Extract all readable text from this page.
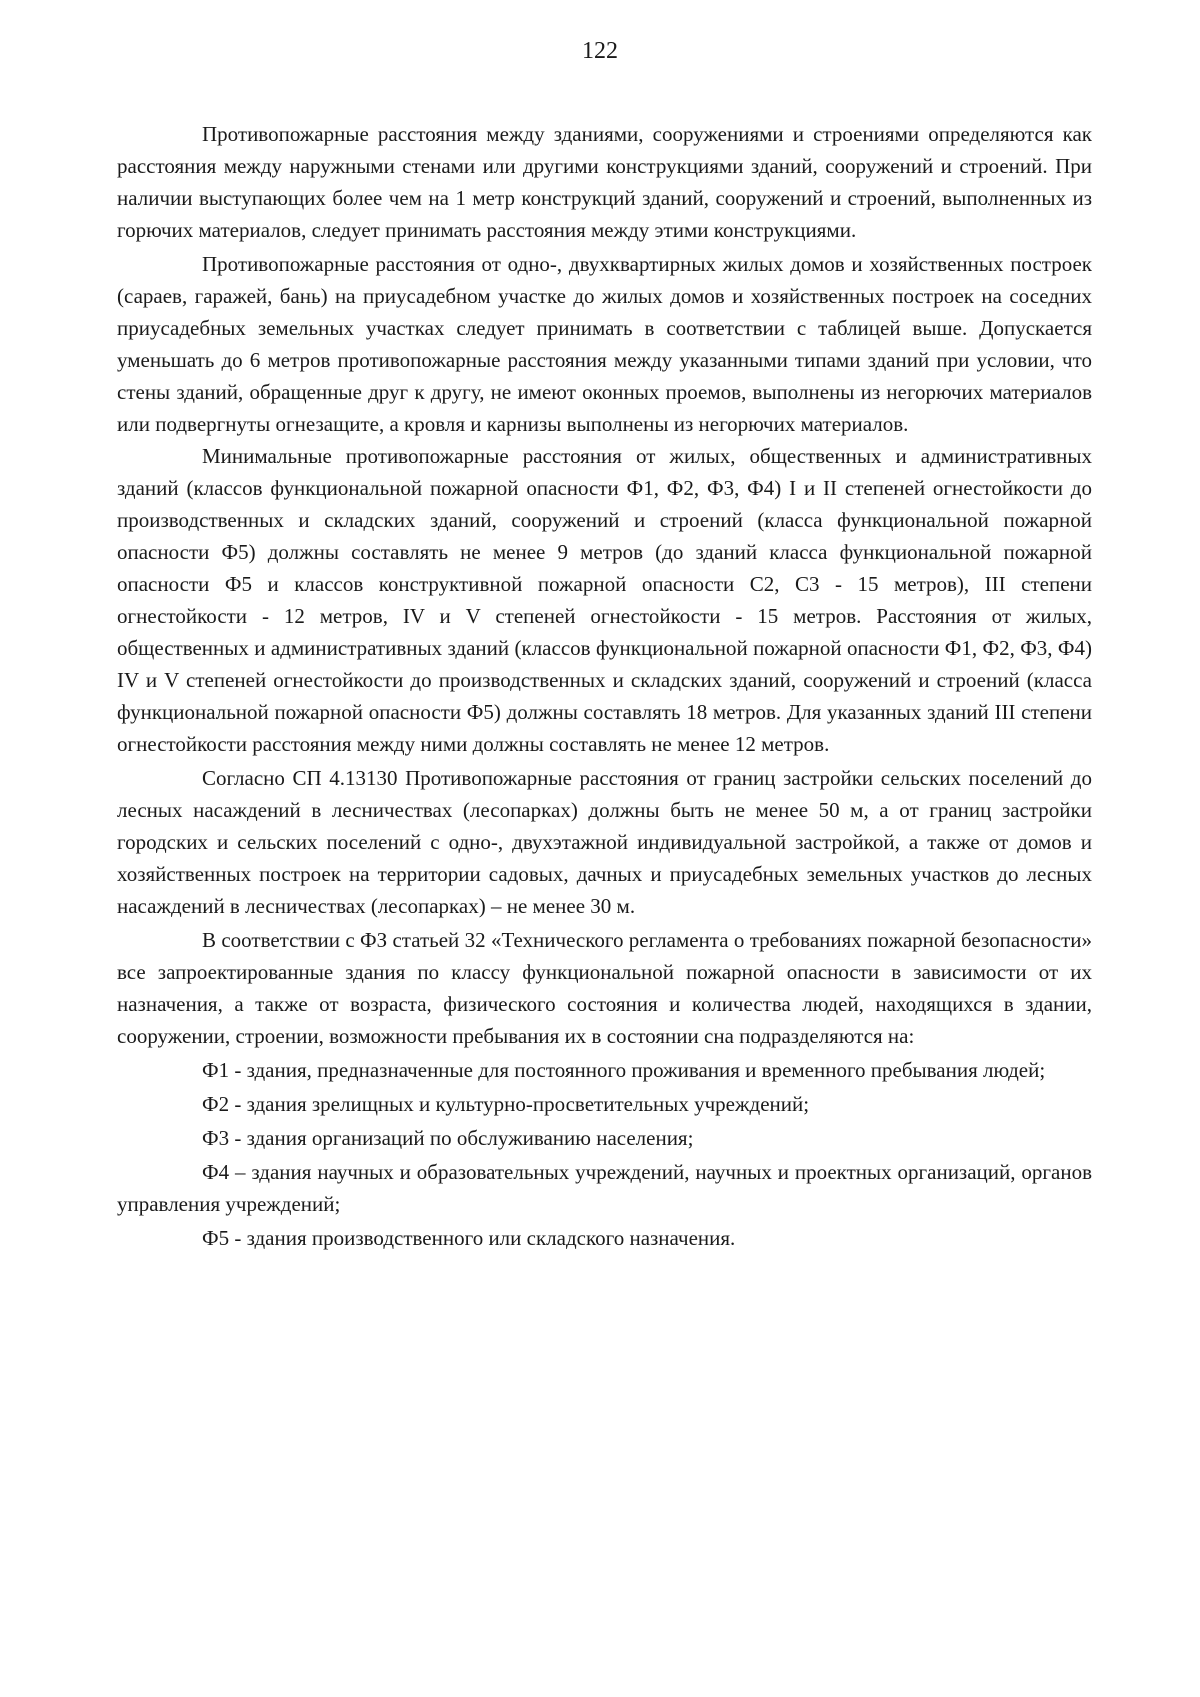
122

Противопожарные расстояния между зданиями, сооружениями и строениями определяются как расстояния между наружными стенами или другими конструкциями зданий, сооружений и строений. При наличии выступающих более чем на 1 метр конструкций зданий, сооружений и строений, выполненных из горючих материалов, следует принимать расстояния между этими конструкциями.

Противопожарные расстояния от одно-, двухквартирных жилых домов и хозяйственных построек (сараев, гаражей, бань) на приусадебном участке до жилых домов и хозяйственных построек на соседних приусадебных земельных участках следует принимать в соответствии с таблицей выше. Допускается уменьшать до 6 метров противопожарные расстояния между указанными типами зданий при условии, что стены зданий, обращенные друг к другу, не имеют оконных проемов, выполнены из негорючих материалов или подвергнуты огнезащите, а кровля и карнизы выполнены из негорючих материалов.

Минимальные противопожарные расстояния от жилых, общественных и административных зданий (классов функциональной пожарной опасности Ф1, Ф2, Ф3, Ф4) I и II степеней огнестойкости до производственных и складских зданий, сооружений и строений (класса функциональной пожарной опасности Ф5) должны составлять не менее 9 метров (до зданий класса функциональной пожарной опасности Ф5 и классов конструктивной пожарной опасности С2, С3 - 15 метров), III степени огнестойкости - 12 метров, IV и V степеней огнестойкости - 15 метров. Расстояния от жилых, общественных и административных зданий (классов функциональной пожарной опасности Ф1, Ф2, Ф3, Ф4) IV и V степеней огнестойкости до производственных и складских зданий, сооружений и строений (класса функциональной пожарной опасности Ф5) должны составлять 18 метров. Для указанных зданий III степени огнестойкости расстояния между ними должны составлять не менее 12 метров.

Согласно СП 4.13130 Противопожарные расстояния от границ застройки сельских поселений до лесных насаждений в лесничествах (лесопарках) должны быть не менее 50 м, а от границ застройки городских и сельских поселений с одно-, двухэтажной индивидуальной застройкой, а также от домов и хозяйственных построек на территории садовых, дачных и приусадебных земельных участков до лесных насаждений в лесничествах (лесопарках) – не менее 30 м.

В соответствии с ФЗ статьей 32 «Технического регламента о требованиях пожарной безопасности» все запроектированные здания по классу функциональной пожарной опасности в зависимости от их назначения, а также от возраста, физического состояния и количества людей, находящихся в здании, сооружении, строении, возможности пребывания их в состоянии сна подразделяются на:

Ф1 - здания, предназначенные для постоянного проживания и временного пребывания людей;

Ф2 - здания зрелищных и культурно-просветительных учреждений;

Ф3 - здания организаций по обслуживанию населения;

Ф4 – здания научных и образовательных учреждений, научных и проектных организаций, органов управления учреждений;

Ф5 - здания производственного или складского назначения.
